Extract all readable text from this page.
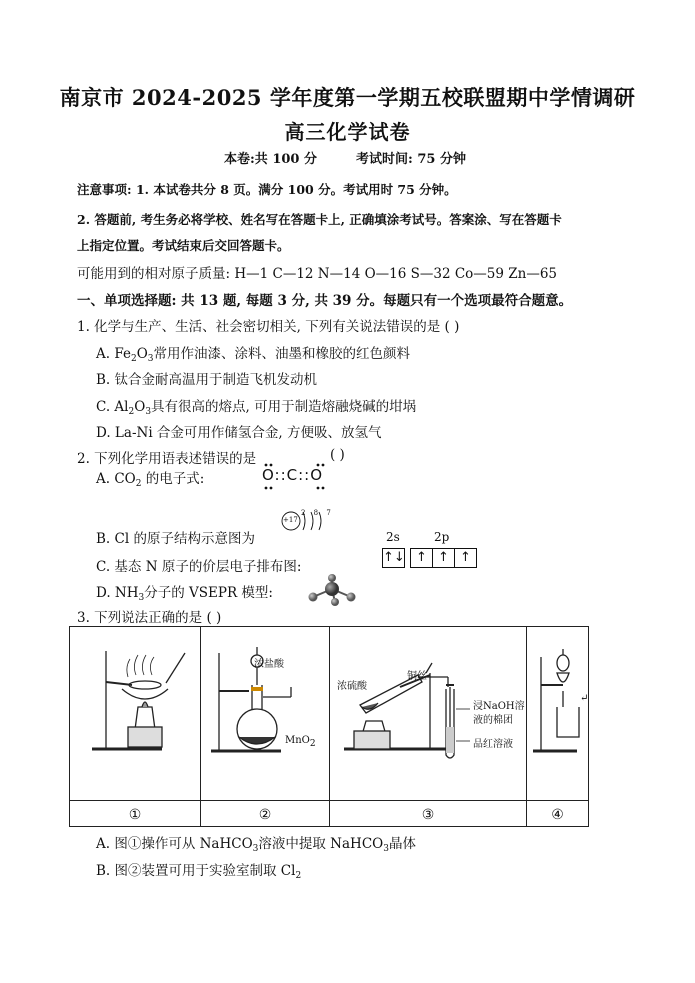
南京市 2024-2025 学年度第一学期五校联盟期中学情调研
高三化学试卷
本卷:共 100 分	考试时间: 75 分钟
注意事项: 1. 本试卷共分 8 页。满分 100 分。考试用时 75 分钟。
2. 答题前, 考生务必将学校、姓名写在答题卡上, 正确填涂考试号。答案涂、写在答题卡
上指定位置。考试结束后交回答题卡。
可能用到的相对原子质量: H—1 C—12 N—14 O—16 S—32 Co—59 Zn—65
一、单项选择题: 共 13 题, 每题 3 分, 共 39 分。每题只有一个选项最符合题意。
1. 化学与生产、生活、社会密切相关, 下列有关说法错误的是 ( )
A. $Fe_2O_3$常用作油漆、涂料、油墨和橡胶的红色颜料
B. 钛合金耐高温用于制造飞机发动机
C. $Al_2O_3$具有很高的熔点, 可用于制造熔融烧碱的坩埚
D. La-Ni 合金可用作储氢合金, 方便吸、放氢气
2. 下列化学用语表述错误的是	( )
A. $CO_2$ 的电子式:	O::C::O
B. Cl 的原子结构示意图为
+17
2 8 7
C. 基态 N 原子的价层电子排布图:
2s	2p
↑↓ ↑ ↑ ↑
D. $NH_3$分子的 VSEPR 模型:
3. 下列说法正确的是 ( )
浓盐酸
MnO$_2$
浓硫酸
铜丝
浸NaOH溶
液的棉团
品红溶液
↵
①	②	③	④
A. 图①操作可从 NaHCO$_3$溶液中提取 NaHCO$_3$晶体
B. 图②装置可用于实验室制取 $Cl_2$
